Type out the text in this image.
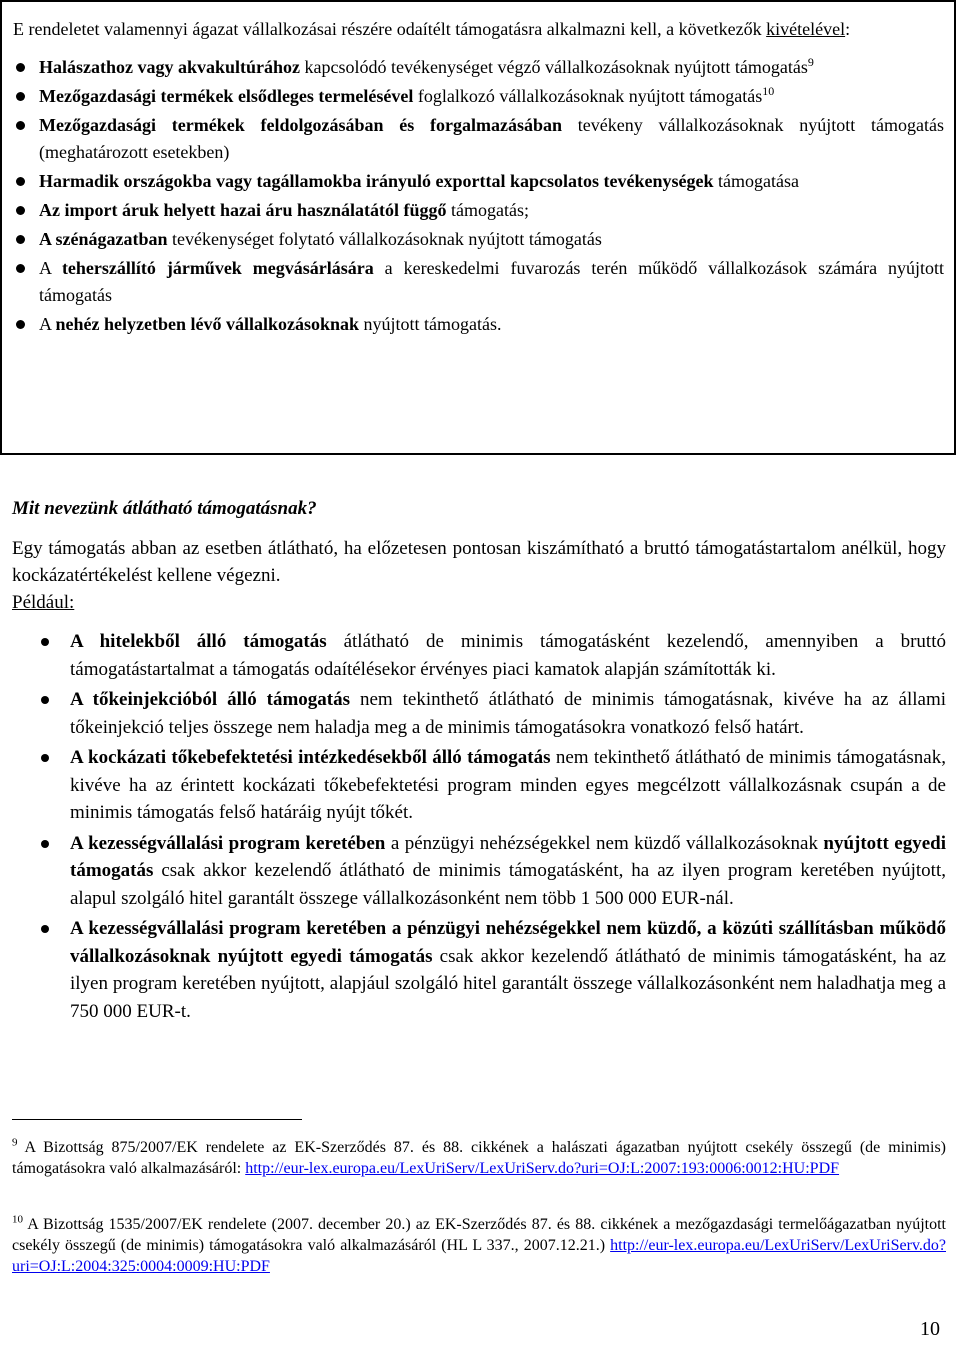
E rendeletet valamennyi ágazat vállalkozásai részére odaítélt támogatásra alkalmazni kell, a következők kivételével:

Halászathoz vagy akvakultúrához kapcsolódó tevékenységet végző vállalkozásoknak nyújtott támogatás$^9$
Mezőgazdasági termékek elsődleges termelésével foglalkozó vállalkozásoknak nyújtott támogatás$^{10}$
Mezőgazdasági termékek feldolgozásában és forgalmazásában tevékeny vállalkozásoknak nyújtott támogatás (meghatározott esetekben)
Harmadik országokba vagy tagállamokba irányuló exporttal kapcsolatos tevékenységek támogatása
Az import áruk helyett hazai áru használatától függő támogatás;
A szénágazatban tevékenységet folytató vállalkozásoknak nyújtott támogatás
A teherszállító járművek megvásárlására a kereskedelmi fuvarozás terén működő vállalkozások számára nyújtott támogatás
A nehéz helyzetben lévő vállalkozásoknak nyújtott támogatás.
Mit nevezünk átlátható támogatásnak?
Egy támogatás abban az esetben átlátható, ha előzetesen pontosan kiszámítható a bruttó támogatástartalom anélkül, hogy kockázatértékelést kellene végezni.
Például:
A hitelekből álló támogatás átlátható de minimis támogatásként kezelendő, amennyiben a bruttó támogatástartalmat a támogatás odaítélésekor érvényes piaci kamatok alapján számították ki.
A tőkeinjekcióból álló támogatás nem tekinthető átlátható de minimis támogatásnak, kivéve ha az állami tőkeinjekció teljes összege nem haladja meg a de minimis támogatásokra vonatkozó felső határt.
A kockázati tőkebefektetési intézkedésekből álló támogatás nem tekinthető átlátható de minimis támogatásnak, kivéve ha az érintett kockázati tőkebefektetési program minden egyes megcélzott vállalkozásnak csupán a de minimis támogatás felső határáig nyújt tőkét.
A kezességvállalási program keretében a pénzügyi nehézségekkel nem küzdő vállalkozásoknak nyújtott egyedi támogatás csak akkor kezelendő átlátható de minimis támogatásként, ha az ilyen program keretében nyújtott, alapul szolgáló hitel garantált összege vállalkozásonként nem több 1 500 000 EUR-nál.
A kezességvállalási program keretében a pénzügyi nehézségekkel nem küzdő, a közúti szállításban működő vállalkozásoknak nyújtott egyedi támogatás csak akkor kezelendő átlátható de minimis támogatásként, ha az ilyen program keretében nyújtott, alapjául szolgáló hitel garantált összege vállalkozásonként nem haladhatja meg a 750 000 EUR-t.
$^9$ A Bizottság 875/2007/EK rendelete az EK-Szerződés 87. és 88. cikkének a halászati ágazatban nyújtott csekély összegű (de minimis) támogatásokra való alkalmazásáról: http://eur-lex.europa.eu/LexUriServ/LexUriServ.do?uri=OJ:L:2007:193:0006:0012:HU:PDF
$^{10}$ A Bizottság 1535/2007/EK rendelete (2007. december 20.) az EK-Szerződés 87. és 88. cikkének a mezőgazdasági termelőágazatban nyújtott csekély összegű (de minimis) támogatásokra való alkalmazásáról (HL L 337., 2007.12.21.) http://eur-lex.europa.eu/LexUriServ/LexUriServ.do?uri=OJ:L:2004:325:0004:0009:HU:PDF
10
